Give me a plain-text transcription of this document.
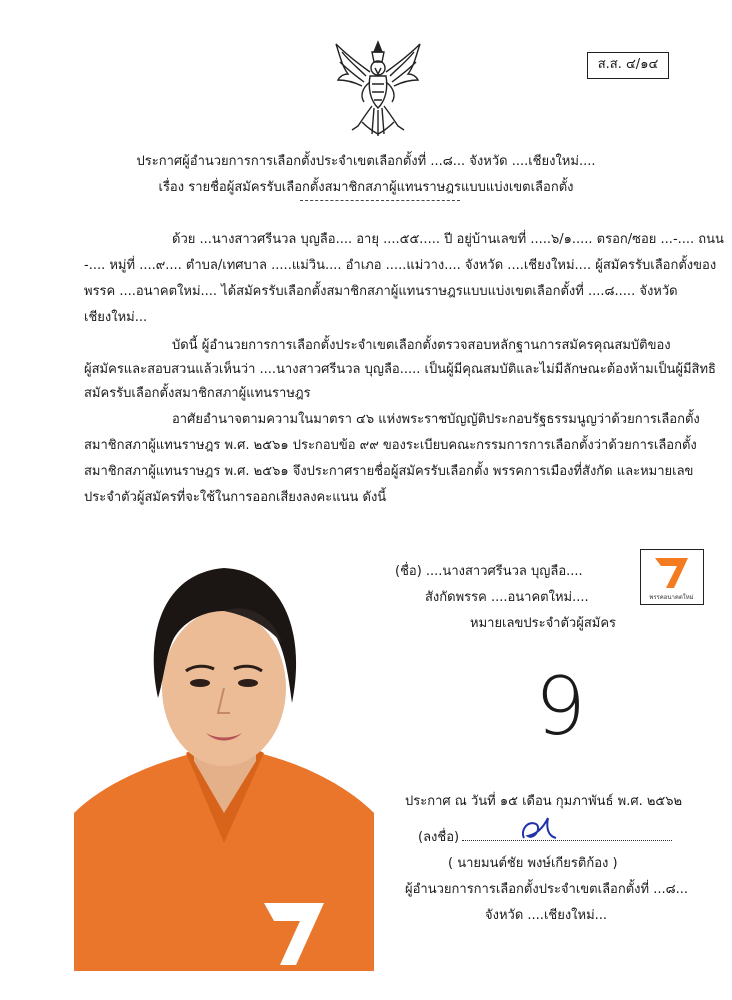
ส.ส. ๔/๑๔
ประกาศผู้อำนวยการการเลือกตั้งประจำเขตเลือกตั้งที่ ...๘... จังหวัด ....เชียงใหม่....
เรื่อง รายชื่อผู้สมัครรับเลือกตั้งสมาชิกสภาผู้แทนราษฎรแบบแบ่งเขตเลือกตั้ง
ด้วย ...นางสาวศรีนวล บุญลือ.... อายุ ....๕๕..... ปี อยู่บ้านเลขที่ .....๖/๑..... ตรอก/ซอย ...-.... ถนน
-.... หมู่ที่ ....๙.... ตำบล/เทศบาล .....แม่วิน.... อำเภอ .....แม่วาง.... จังหวัด ....เชียงใหม่.... ผู้สมัครรับเลือกตั้งของ
พรรค ....อนาคตใหม่.... ได้สมัครรับเลือกตั้งสมาชิกสภาผู้แทนราษฎรแบบแบ่งเขตเลือกตั้งที่ ....๘..... จังหวัด
เชียงใหม่...
บัดนี้ ผู้อำนวยการการเลือกตั้งประจำเขตเลือกตั้งตรวจสอบหลักฐานการสมัครคุณสมบัติของ
ผู้สมัครและสอบสวนแล้วเห็นว่า ....นางสาวศรีนวล บุญลือ..... เป็นผู้มีคุณสมบัติและไม่มีลักษณะต้องห้ามเป็นผู้มีสิทธิ
สมัครรับเลือกตั้งสมาชิกสภาผู้แทนราษฎร
อาศัยอำนาจตามความในมาตรา ๔๖ แห่งพระราชบัญญัติประกอบรัฐธรรมนูญว่าด้วยการเลือกตั้ง
สมาชิกสภาผู้แทนราษฎร พ.ศ. ๒๕๖๑ ประกอบข้อ ๙๙ ของระเบียบคณะกรรมการการเลือกตั้งว่าด้วยการเลือกตั้ง
สมาชิกสภาผู้แทนราษฎร พ.ศ. ๒๕๖๑ จึงประกาศรายชื่อผู้สมัครรับเลือกตั้ง พรรคการเมืองที่สังกัด และหมายเลข
ประจำตัวผู้สมัครที่จะใช้ในการออกเสียงลงคะแนน ดังนี้
พรรคอนาคตใหม่
(ชื่อ) ....นางสาวศรีนวล บุญลือ....
สังกัดพรรค ....อนาคตใหม่....
หมายเลขประจำตัวผู้สมัคร
9
ประกาศ ณ วันที่ ๑๕ เดือน กุมภาพันธ์ พ.ศ. ๒๕๖๒
(ลงชื่อ)
( นายมนต์ชัย พงษ์เกียรติก้อง )
ผู้อำนวยการการเลือกตั้งประจำเขตเลือกตั้งที่ ...๘...
จังหวัด ....เชียงใหม่...
